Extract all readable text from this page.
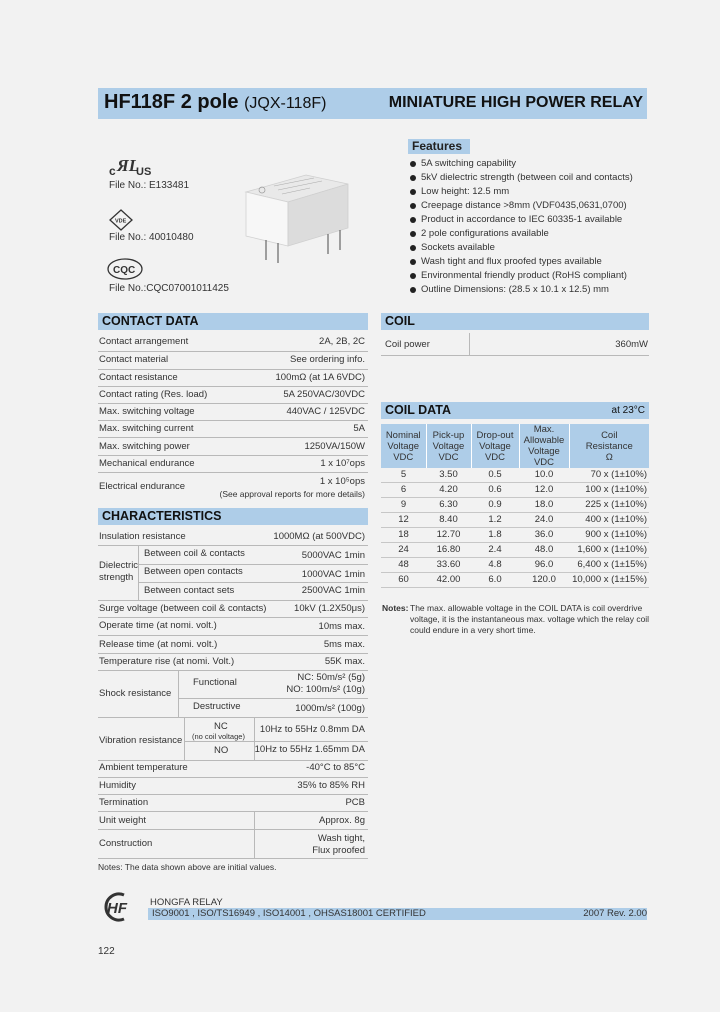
HF118F 2 pole (JQX-118F)	MINIATURE HIGH POWER RELAY
c ЯL
US
File No.: E133481
VDE
File No.: 40010480
CQC
File No.:CQC07001011425
Features
5A switching capability
5kV dielectric strength (between coil and contacts)
Low height: 12.5 mm
Creepage distance >8mm (VDF0435,0631,0700)
Product in accordance to IEC 60335-1 available
2 pole configurations available
Sockets available
Wash tight and flux proofed types available
Environmental friendly product (RoHS compliant)
Outline Dimensions: (28.5 x 10.1 x 12.5) mm
CONTACT DATA
Contact arrangement	2A, 2B, 2C
Contact material	See ordering info.
Contact resistance	100mΩ (at 1A 6VDC)
Contact rating (Res. load)	5A 250VAC/30VDC
Max. switching voltage	440VAC / 125VDC
Max. switching current	5A
Max. switching power	1250VA/150W
Mechanical endurance	1 x 10⁷ops
Electrical endurance	1 x 10⁵ops
(See approval reports for more details)
CHARACTERISTICS
Insulation resistance	1000MΩ (at 500VDC)
Dielectric
strength
Between coil & contacts	5000VAC 1min
Between open contacts	1000VAC 1min
Between contact sets	2500VAC 1min
Surge voltage (between coil & contacts)	10kV (1.2X50μs)
Operate time (at nomi. volt.)	10ms max.
Release time (at nomi. volt.)	5ms max.
Temperature rise (at nomi. Volt.)	55K max.
Shock resistance
Functional	NC: 50m/s² (5g)
NO: 100m/s² (10g)
Destructive	1000m/s² (100g)
Vibration resistance
NC
(no coil voltage)
10Hz to 55Hz 0.8mm DA
NO	10Hz to 55Hz 1.65mm DA
Ambient temperature	-40°C to 85°C
Humidity	35% to 85% RH
Termination	PCB
Unit weight	Approx. 8g
Construction	Wash tight,
Flux proofed
Notes: The data shown above are initial values.
COIL
Coil power	360mW
COIL DATA	at 23°C
Nominal
Voltage
VDC	Pick-up
Voltage
VDC	Drop-out
Voltage
VDC	Max.
Allowable
Voltage
VDC	Coil
Resistance
Ω
5	3.50	0.5	10.0	70 x (1±10%)
6	4.20	0.6	12.0	100 x (1±10%)
9	6.30	0.9	18.0	225 x (1±10%)
12	8.40	1.2	24.0	400 x (1±10%)
18	12.70	1.8	36.0	900 x (1±10%)
24	16.80	2.4	48.0	1,600 x (1±10%)
48	33.60	4.8	96.0	6,400 x (1±15%)
60	42.00	6.0	120.0	10,000 x (1±15%)
Notes: The max. allowable voltage in the COIL DATA is coil overdrive
voltage, it is the instantaneous max. voltage which the relay coil
could endure in a very short time.
HF HONGFA RELAY
ISO9001 , ISO/TS16949 , ISO14001 , OHSAS18001 CERTIFIED	2007 Rev. 2.00
122
